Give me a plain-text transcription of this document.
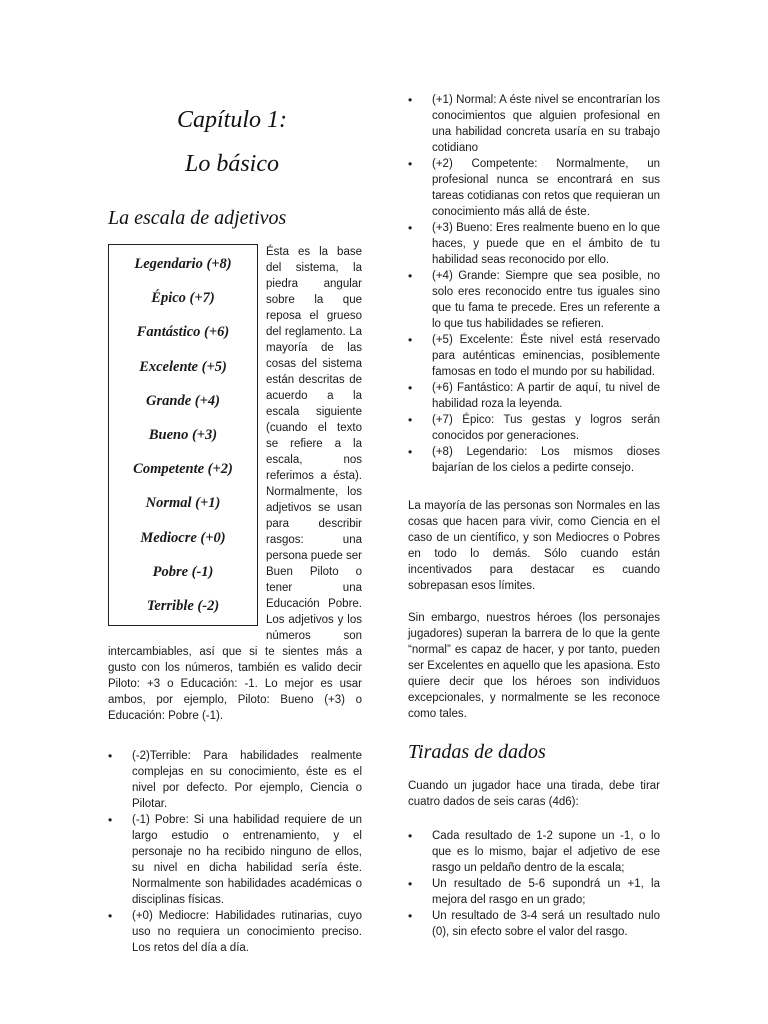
Capítulo 1:
Lo básico
La escala de adjetivos
Legendario (+8)
Épico (+7)
Fantástico (+6)
Excelente (+5)
Grande (+4)
Bueno (+3)
Competente (+2)
Normal (+1)
Mediocre (+0)
Pobre (-1)
Terrible (-2)

Ésta es la base del sistema, la piedra angular sobre la que reposa el grueso del reglamento. La mayoría de las cosas del sistema están descritas de acuerdo a la escala siguiente (cuando el texto se refiere a la escala, nos referimos a ésta). Normalmente, los adjetivos se usan para describir rasgos: una persona puede ser Buen Piloto o tener una Educación Pobre. Los adjetivos y los números son intercambiables, así que si te sientes más a gusto con los números, también es valido decir Piloto: +3 o Educación: -1. Lo mejor es usar ambos, por ejemplo, Piloto: Bueno (+3) o Educación: Pobre (-1).

• (-2)Terrible: Para habilidades realmente complejas en su conocimiento, éste es el nivel por defecto. Por ejemplo, Ciencia o Pilotar.
• (-1) Pobre: Si una habilidad requiere de un largo estudio o entrenamiento, y el personaje no ha recibido ninguno de ellos, su nivel en dicha habilidad sería éste. Normalmente son habilidades académicas o disciplinas físicas.
• (+0) Mediocre: Habilidades rutinarias, cuyo uso no requiera un conocimiento preciso. Los retos del día a día.
• (+1) Normal: A éste nivel se encontrarían los conocimientos que alguien profesional en una habilidad concreta usaría en su trabajo cotidiano
• (+2) Competente: Normalmente, un profesional nunca se encontrará en sus tareas cotidianas con retos que requieran un conocimiento más allá de éste.
• (+3) Bueno: Eres realmente bueno en lo que haces, y puede que en el ámbito de tu habilidad seas reconocido por ello.
• (+4) Grande: Siempre que sea posible, no solo eres reconocido entre tus iguales sino que tu fama te precede. Eres un referente a lo que tus habilidades se refieren.
• (+5) Excelente: Éste nivel está reservado para auténticas eminencias, posiblemente famosas en todo el mundo por su habilidad.
• (+6) Fantástico: A partir de aquí, tu nivel de habilidad roza la leyenda.
• (+7) Épico: Tus gestas y logros serán conocidos por generaciones.
• (+8) Legendario: Los mismos dioses bajarían de los cielos a pedirte consejo.

La mayoría de las personas son Normales en las cosas que hacen para vivir, como Ciencia en el caso de un científico, y son Mediocres o Pobres en todo lo demás. Sólo cuando están incentivados para destacar es cuando sobrepasan esos límites.

Sin embargo, nuestros héroes (los personajes jugadores) superan la barrera de lo que la gente “normal” es capaz de hacer, y por tanto, pueden ser Excelentes en aquello que les apasiona. Esto quiere decir que los héroes son individuos excepcionales, y normalmente se les reconoce como tales.

Tiradas de dados

Cuando un jugador hace una tirada, debe tirar cuatro dados de seis caras (4d6):

• Cada resultado de 1-2 supone un -1, o lo que es lo mismo, bajar el adjetivo de ese rasgo un peldaño dentro de la escala;
• Un resultado de 5-6 supondrá un +1, la mejora del rasgo en un grado;
• Un resultado de 3-4 será un resultado nulo (0), sin efecto sobre el valor del rasgo.
